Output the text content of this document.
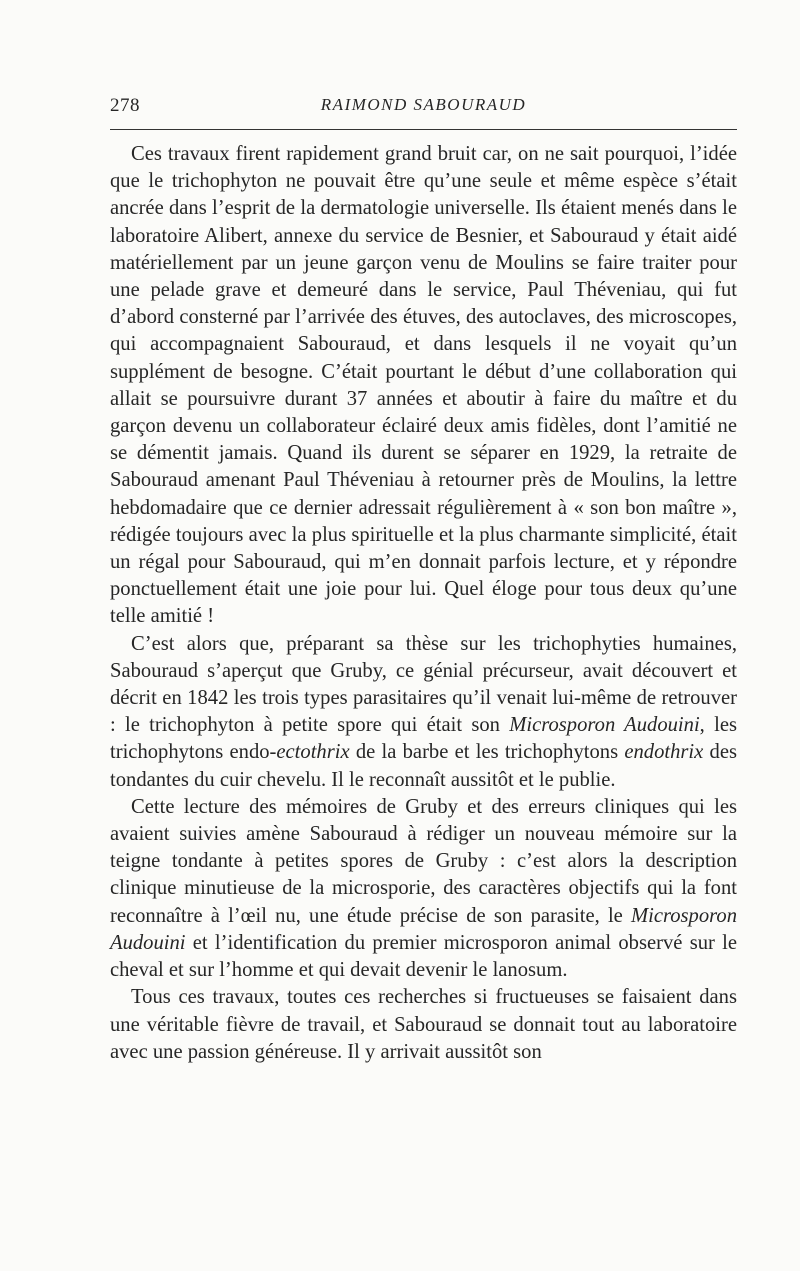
RAIMOND SABOURAUD
278

Ces travaux firent rapidement grand bruit car, on ne sait pourquoi, l’idée que le trichophyton ne pouvait être qu’une seule et même espèce s’était ancrée dans l’esprit de la dermatologie universelle. Ils étaient menés dans le laboratoire Alibert, annexe du service de Besnier, et Sabouraud y était aidé matériellement par un jeune garçon venu de Moulins se faire traiter pour une pelade grave et demeuré dans le service, Paul Théveniau, qui fut d’abord consterné par l’arrivée des étuves, des autoclaves, des microscopes, qui accompagnaient Sabouraud, et dans lesquels il ne voyait qu’un supplément de besogne. C’était pourtant le début d’une collaboration qui allait se poursuivre durant 37 années et aboutir à faire du maître et du garçon devenu un collaborateur éclairé deux amis fidèles, dont l’amitié ne se démentit jamais. Quand ils durent se séparer en 1929, la retraite de Sabouraud amenant Paul Théveniau à retourner près de Moulins, la lettre hebdomadaire que ce dernier adressait régulièrement à « son bon maître », rédigée toujours avec la plus spirituelle et la plus charmante simplicité, était un régal pour Sabouraud, qui m’en donnait parfois lecture, et y répondre ponctuellement était une joie pour lui. Quel éloge pour tous deux qu’une telle amitié !

C’est alors que, préparant sa thèse sur les trichophyties humaines, Sabouraud s’aperçut que Gruby, ce génial précurseur, avait découvert et décrit en 1842 les trois types parasitaires qu’il venait lui-même de retrouver : le trichophyton à petite spore qui était son Microsporon Audouini, les trichophytons endo-ectothrix de la barbe et les trichophytons endothrix des tondantes du cuir chevelu. Il le reconnaît aussitôt et le publie.

Cette lecture des mémoires de Gruby et des erreurs cliniques qui les avaient suivies amène Sabouraud à rédiger un nouveau mémoire sur la teigne tondante à petites spores de Gruby : c’est alors la description clinique minutieuse de la microsporie, des caractères objectifs qui la font reconnaître à l’œil nu, une étude précise de son parasite, le Microsporon Audouini et l’identification du premier microsporon animal observé sur le cheval et sur l’homme et qui devait devenir le lanosum.

Tous ces travaux, toutes ces recherches si fructueuses se faisaient dans une véritable fièvre de travail, et Sabouraud se donnait tout au laboratoire avec une passion généreuse. Il y arrivait aussitôt son
